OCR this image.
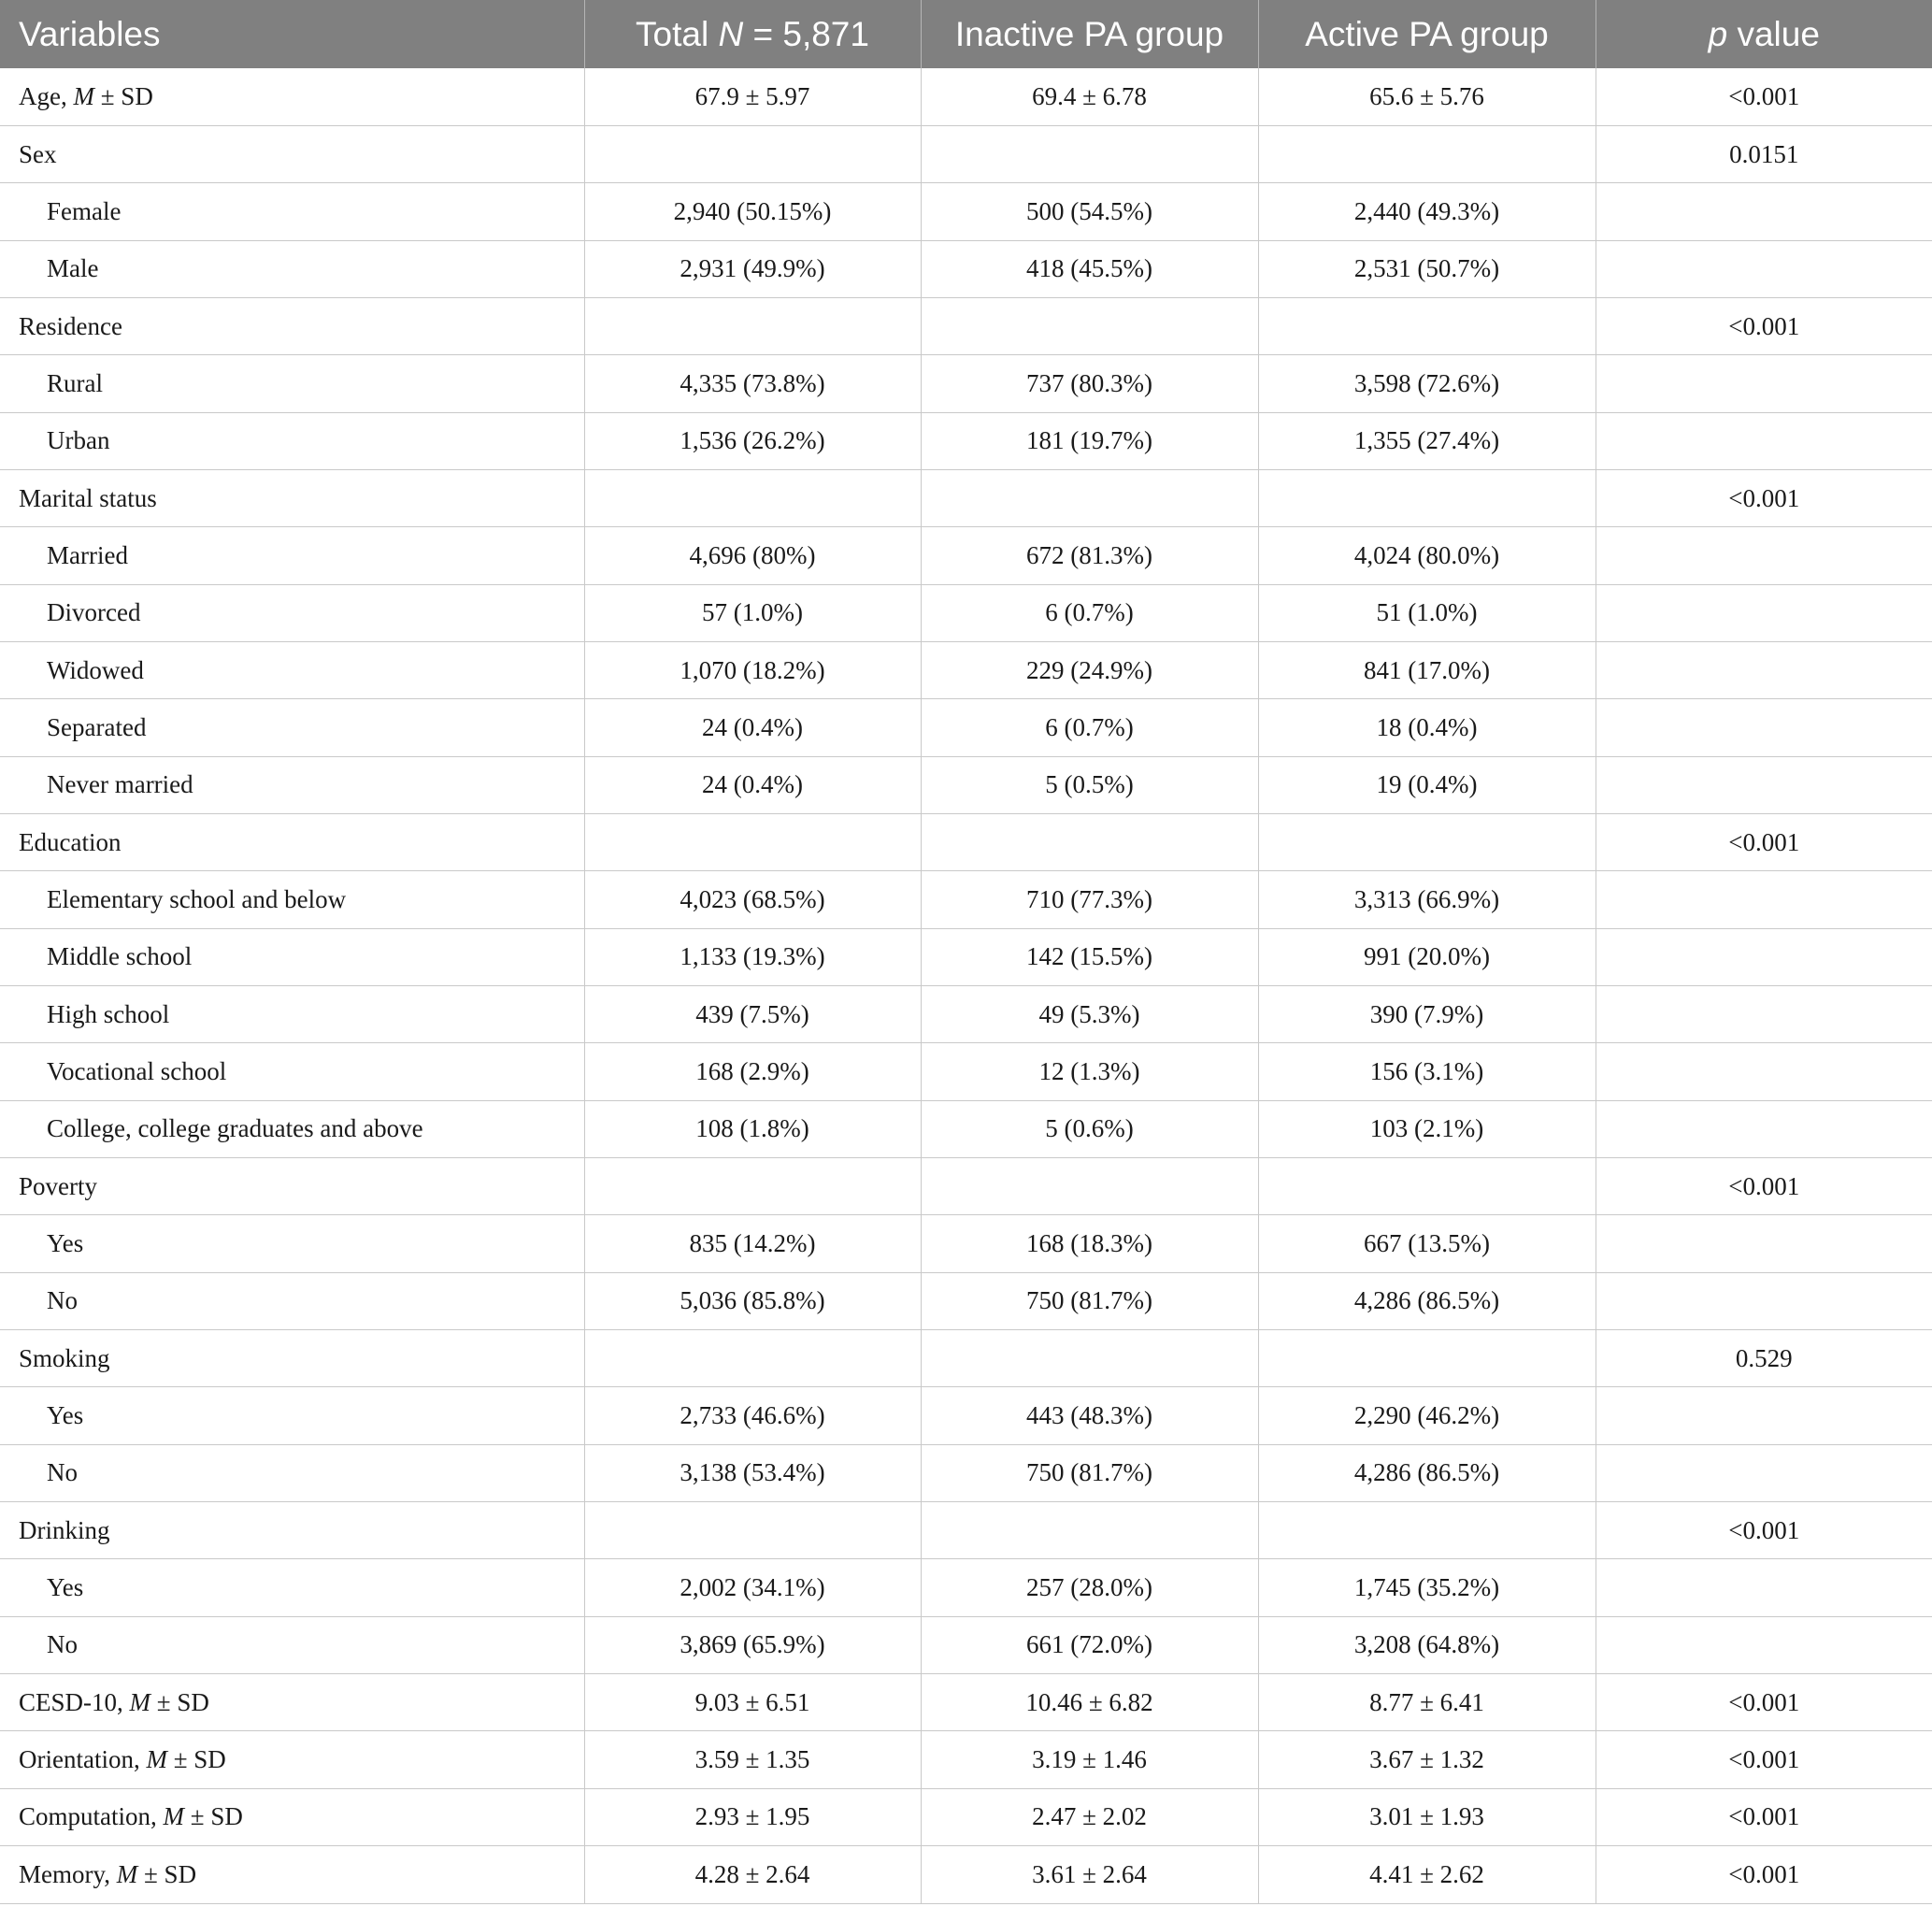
Variables	Total N = 5,871	Inactive PA group	Active PA group	p value
Age, M ± SD	67.9 ± 5.97	69.4 ± 6.78	65.6 ± 5.76	<0.001
Sex				0.0151
Female	2,940 (50.15%)	500 (54.5%)	2,440 (49.3%)	
Male	2,931 (49.9%)	418 (45.5%)	2,531 (50.7%)	
Residence				<0.001
Rural	4,335 (73.8%)	737 (80.3%)	3,598 (72.6%)	
Urban	1,536 (26.2%)	181 (19.7%)	1,355 (27.4%)	
Marital status				<0.001
Married	4,696 (80%)	672 (81.3%)	4,024 (80.0%)	
Divorced	57 (1.0%)	6 (0.7%)	51 (1.0%)	
Widowed	1,070 (18.2%)	229 (24.9%)	841 (17.0%)	
Separated	24 (0.4%)	6 (0.7%)	18 (0.4%)	
Never married	24 (0.4%)	5 (0.5%)	19 (0.4%)	
Education				<0.001
Elementary school and below	4,023 (68.5%)	710 (77.3%)	3,313 (66.9%)	
Middle school	1,133 (19.3%)	142 (15.5%)	991 (20.0%)	
High school	439 (7.5%)	49 (5.3%)	390 (7.9%)	
Vocational school	168 (2.9%)	12 (1.3%)	156 (3.1%)	
College, college graduates and above	108 (1.8%)	5 (0.6%)	103 (2.1%)	
Poverty				<0.001
Yes	835 (14.2%)	168 (18.3%)	667 (13.5%)	
No	5,036 (85.8%)	750 (81.7%)	4,286 (86.5%)	
Smoking				0.529
Yes	2,733 (46.6%)	443 (48.3%)	2,290 (46.2%)	
No	3,138 (53.4%)	750 (81.7%)	4,286 (86.5%)	
Drinking				<0.001
Yes	2,002 (34.1%)	257 (28.0%)	1,745 (35.2%)	
No	3,869 (65.9%)	661 (72.0%)	3,208 (64.8%)	
CESD-10, M ± SD	9.03 ± 6.51	10.46 ± 6.82	8.77 ± 6.41	<0.001
Orientation, M ± SD	3.59 ± 1.35	3.19 ± 1.46	3.67 ± 1.32	<0.001
Computation, M ± SD	2.93 ± 1.95	2.47 ± 2.02	3.01 ± 1.93	<0.001
Memory, M ± SD	4.28 ± 2.64	3.61 ± 2.64	4.41 ± 2.62	<0.001
